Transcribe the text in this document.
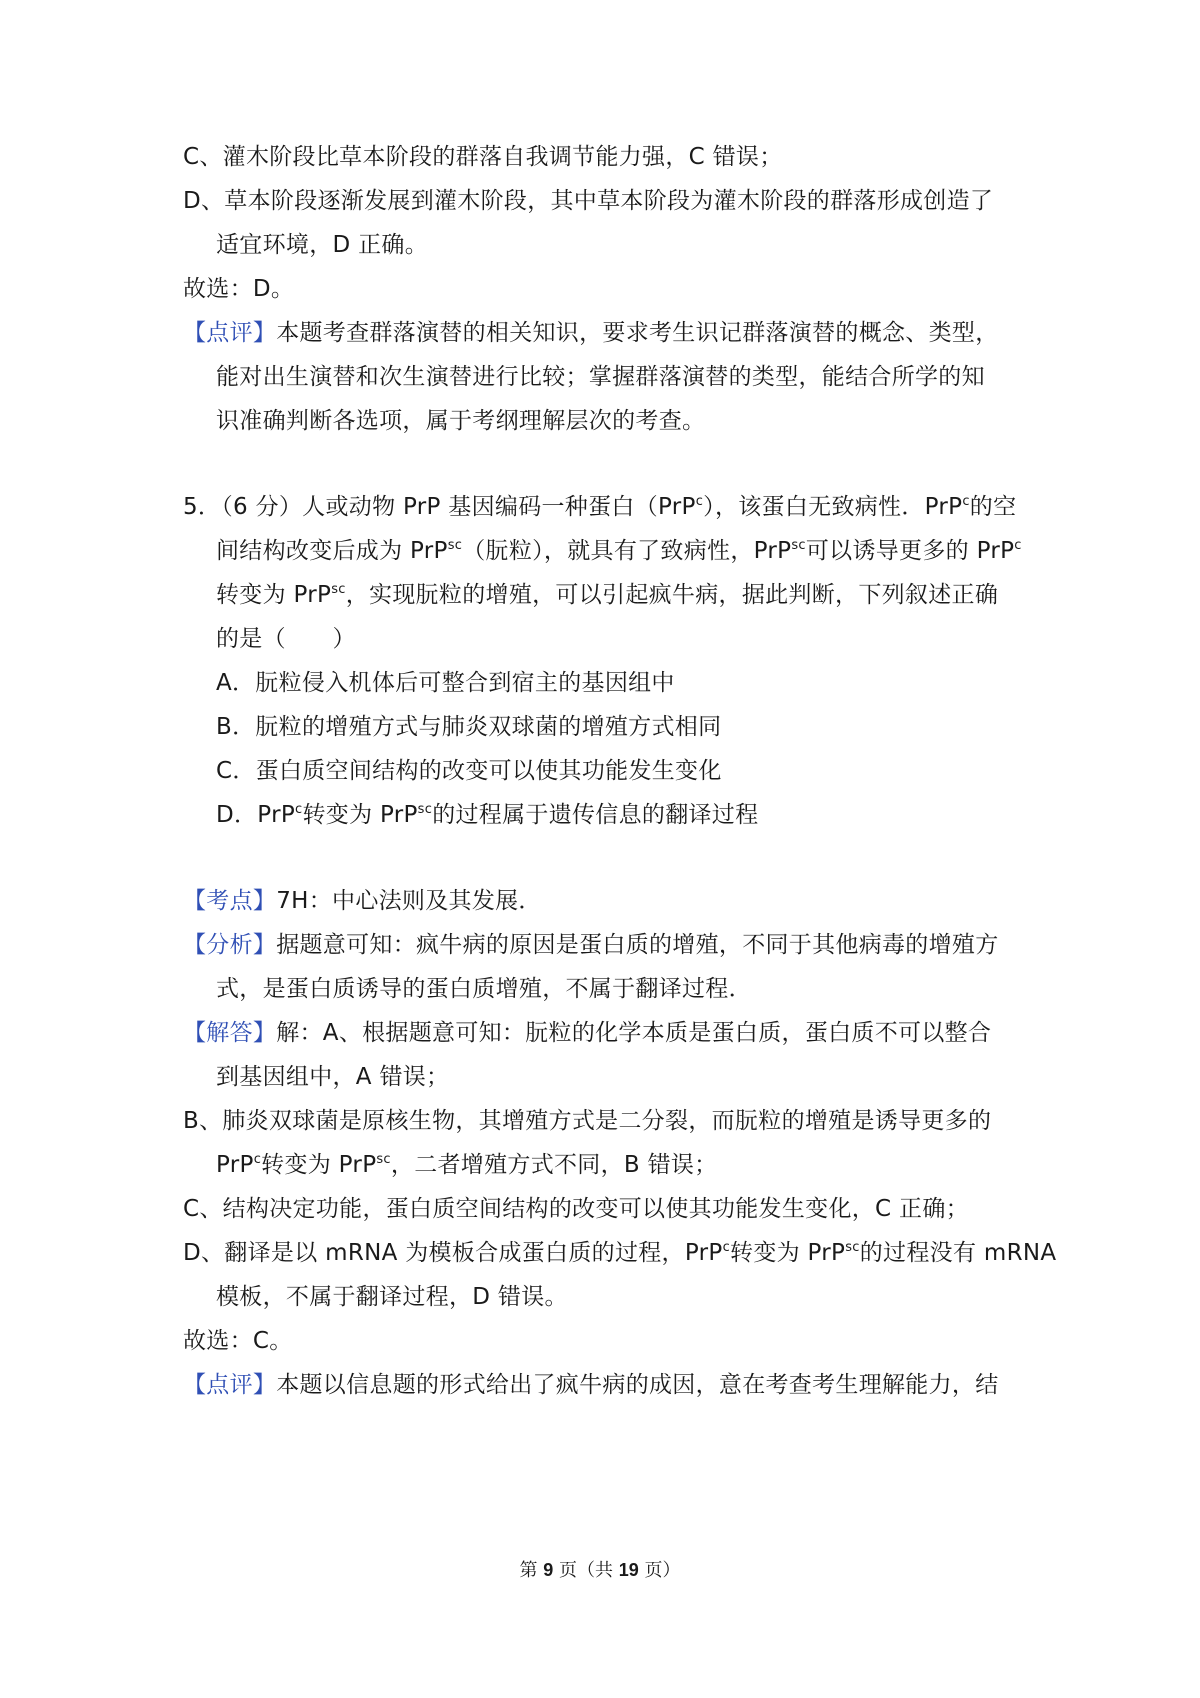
C、灌木阶段比草本阶段的群落自我调节能力强，C 错误；
D、草本阶段逐渐发展到灌木阶段，其中草本阶段为灌木阶段的群落形成创造了
适宜环境，D 正确。
故选：D。
【点评】本题考查群落演替的相关知识，要求考生识记群落演替的概念、类型，
能对出生演替和次生演替进行比较；掌握群落演替的类型，能结合所学的知
识准确判断各选项，属于考纲理解层次的考查。
5．（6 分）人或动物 PrP 基因编码一种蛋白（PrP$^c$），该蛋白无致病性．PrP$^c$的空
间结构改变后成为 PrP$^{sc}$（朊粒），就具有了致病性，PrP$^{sc}$可以诱导更多的 PrP$^c$
转变为 PrP$^{sc}$，实现朊粒的增殖，可以引起疯牛病，据此判断，下列叙述正确
的是（　　）
A．朊粒侵入机体后可整合到宿主的基因组中
B．朊粒的增殖方式与肺炎双球菌的增殖方式相同
C．蛋白质空间结构的改变可以使其功能发生变化
D．PrP$^c$转变为 PrP$^{sc}$的过程属于遗传信息的翻译过程
【考点】7H：中心法则及其发展．
【分析】据题意可知：疯牛病的原因是蛋白质的增殖，不同于其他病毒的增殖方
式，是蛋白质诱导的蛋白质增殖，不属于翻译过程．
【解答】解：A、根据题意可知：朊粒的化学本质是蛋白质，蛋白质不可以整合
到基因组中，A 错误；
B、肺炎双球菌是原核生物，其增殖方式是二分裂，而朊粒的增殖是诱导更多的
PrP$^c$转变为 PrP$^{sc}$，二者增殖方式不同，B 错误；
C、结构决定功能，蛋白质空间结构的改变可以使其功能发生变化，C 正确；
D、翻译是以 mRNA 为模板合成蛋白质的过程，PrP$^c$转变为 PrP$^{sc}$的过程没有 mRNA
模板，不属于翻译过程，D 错误。
故选：C。
【点评】本题以信息题的形式给出了疯牛病的成因，意在考查考生理解能力，结
第 9 页（共 19 页）
